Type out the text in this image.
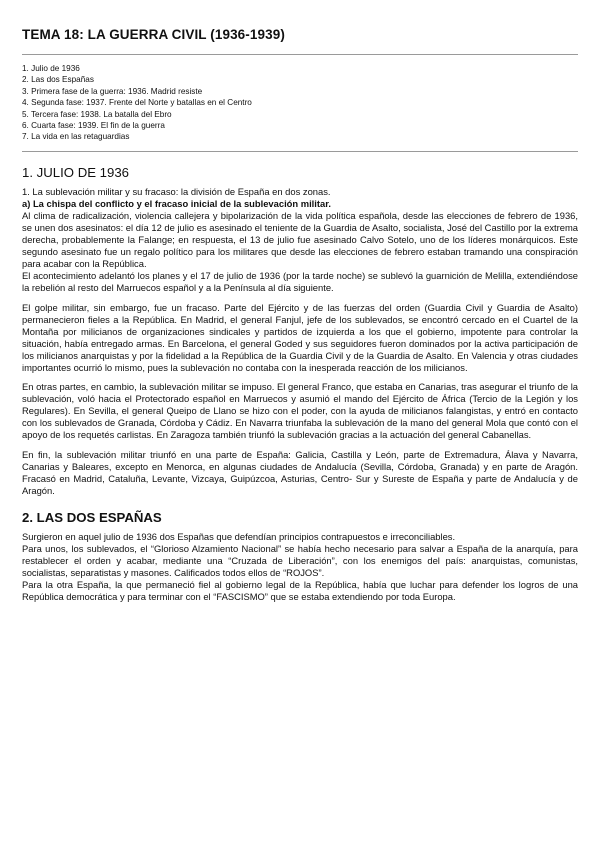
TEMA 18: LA GUERRA CIVIL (1936-1939)
1. Julio de 1936
2. Las dos Españas
3. Primera fase de la guerra: 1936. Madrid resiste
4. Segunda fase: 1937. Frente del Norte y batallas en el Centro
5. Tercera fase: 1938. La batalla del Ebro
6. Cuarta fase: 1939. El fin de la guerra
7. La vida en las retaguardias
1. JULIO DE 1936
1. La sublevación militar y su fracaso: la división de España en dos zonas.
a) La chispa del conflicto y el fracaso inicial de la sublevación militar.

Al clima de radicalización, violencia callejera y bipolarización de la vida política española, desde las elecciones de febrero de 1936, se unen dos asesinatos: el día 12 de julio es asesinado el teniente de la Guardia de Asalto, socialista, José del Castillo por la extrema derecha, probablemente la Falange; en respuesta, el 13 de julio fue asesinado Calvo Sotelo, uno de los líderes monárquicos. Este segundo asesinato fue un regalo político para los militares que desde las elecciones de febrero estaban tramando una conspiración para acabar con la República.

El acontecimiento adelantó los planes y el 17 de julio de 1936 (por la tarde noche) se sublevó la guarnición de Melilla, extendiéndose la rebelión al resto del Marruecos español y a la Península al día siguiente.

El golpe militar, sin embargo, fue un fracaso. Parte del Ejército y de las fuerzas del orden (Guardia Civil y Guardia de Asalto) permanecieron fieles a la República. En Madrid, el general Fanjul, jefe de los sublevados, se encontró cercado en el Cuartel de la Montaña por milicianos de organizaciones sindicales y partidos de izquierda a los que el gobierno, impotente para controlar la situación, había entregado armas. En Barcelona, el general Goded y sus seguidores fueron dominados por la activa participación de los milicianos anarquistas y por la fidelidad a la República de la Guardia Civil y de la Guardia de Asalto. En Valencia y otras ciudades importantes ocurrió lo mismo, pues la sublevación no contaba con la inesperada reacción de los milicianos.

En otras partes, en cambio, la sublevación militar se impuso. El general Franco, que estaba en Canarias, tras asegurar el triunfo de la sublevación, voló hacia el Protectorado español en Marruecos y asumió el mando del Ejército de África (Tercio de la Legión y los Regulares). En Sevilla, el general Queipo de Llano se hizo con el poder, con la ayuda de milicianos falangistas, y entró en contacto con los sublevados de Granada, Córdoba y Cádiz. En Navarra triunfaba la sublevación de la mano del general Mola que contó con el apoyo de los requetés carlistas. En Zaragoza también triunfó la sublevación gracias a la actuación del general Cabanellas.

En fin, la sublevación militar triunfó en una parte de España: Galicia, Castilla y León, parte de Extremadura, Álava y Navarra, Canarias y Baleares, excepto en Menorca, en algunas ciudades de Andalucía (Sevilla, Córdoba, Granada) y en parte de Aragón. Fracasó en Madrid, Cataluña, Levante, Vizcaya, Guipúzcoa, Asturias, Centro- Sur y Sureste de España y parte de Andalucía y de Aragón.

2. LAS DOS ESPAÑAS

Surgieron en aquel julio de 1936 dos Españas que defendían principios contrapuestos e irreconciliables.

Para unos, los sublevados, el “Glorioso Alzamiento Nacional” se había hecho necesario para salvar a España de la anarquía, para restablecer el orden y acabar, mediante una “Cruzada de Liberación”, con los enemigos del país: anarquistas, comunistas, socialistas, separatistas y masones. Calificados todos ellos de “ROJOS”.

Para la otra España, la que permaneció fiel al gobierno legal de la República, había que luchar para defender los logros de una República democrática y para terminar con el “FASCISMO” que se estaba extendiendo por toda Europa.
